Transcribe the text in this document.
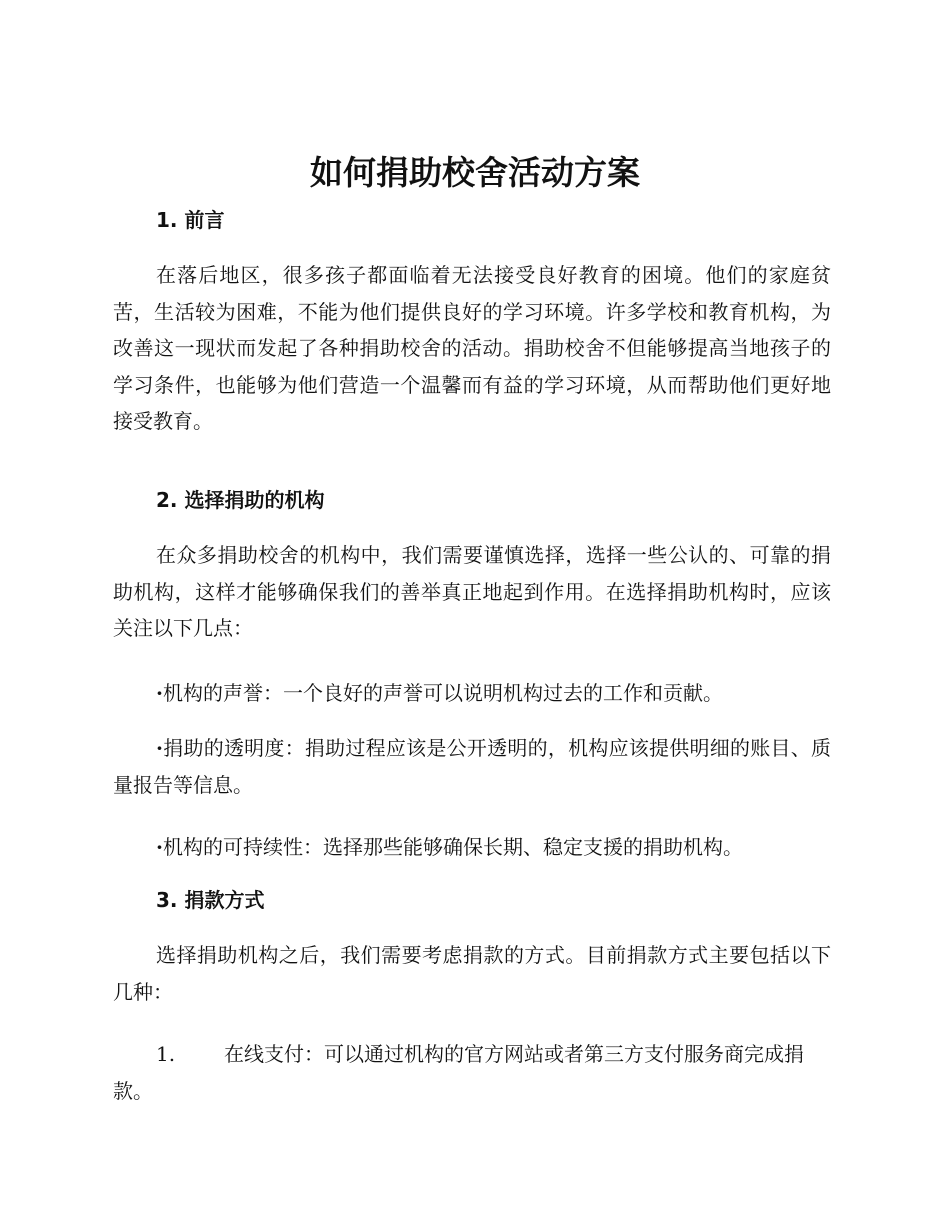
如何捐助校舍活动方案
1. 前言

在落后地区，很多孩子都面临着无法接受良好教育的困境。他们的家庭贫苦，生活较为困难，不能为他们提供良好的学习环境。许多学校和教育机构，为改善这一现状而发起了各种捐助校舍的活动。捐助校舍不但能够提高当地孩子的学习条件，也能够为他们营造一个温馨而有益的学习环境，从而帮助他们更好地接受教育。

2. 选择捐助的机构

在众多捐助校舍的机构中，我们需要谨慎选择，选择一些公认的、可靠的捐助机构，这样才能够确保我们的善举真正地起到作用。在选择捐助机构时，应该关注以下几点：

·机构的声誉：一个良好的声誉可以说明机构过去的工作和贡献。

·捐助的透明度：捐助过程应该是公开透明的，机构应该提供明细的账目、质量报告等信息。

·机构的可持续性：选择那些能够确保长期、稳定支援的捐助机构。

3. 捐款方式

选择捐助机构之后，我们需要考虑捐款的方式。目前捐款方式主要包括以下几种：

1. 在线支付：可以通过机构的官方网站或者第三方支付服务商完成捐款。
